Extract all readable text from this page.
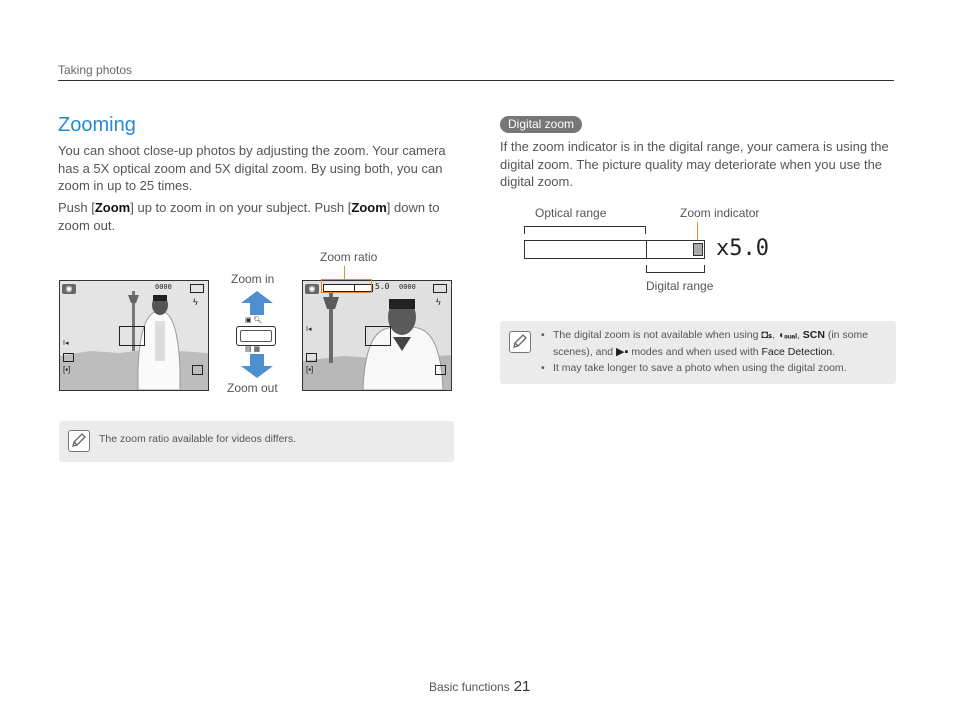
Taking photos
Zooming
You can shoot close-up photos by adjusting the zoom. Your camera has a 5X optical zoom and 5X digital zoom. By using both, you can zoom in up to 25 times.
Push [Zoom] up to zoom in on your subject. Push [Zoom] down to zoom out.
◉	0000
ϟ
I◂
[▪]
Zoom in
▣ 🔍︎
▤ ▦
Zoom out
Zoom ratio
◉	5.0 0000
ϟ
I◂
[▪]
The zoom ratio available for videos differs.
Digital zoom
If the zoom indicator is in the digital range, your camera is using the digital zoom. The picture quality may deteriorate when you use the digital zoom.
Optical range	Zoom indicator
x5.0
Digital range
• The digital zoom is not available when using ◘ₛ, ◖ₔᵤₐₗ, SCN (in some scenes), and ▶▪ modes and when used with Face Detection.
• It may take longer to save a photo when using the digital zoom.
Basic functions 21
